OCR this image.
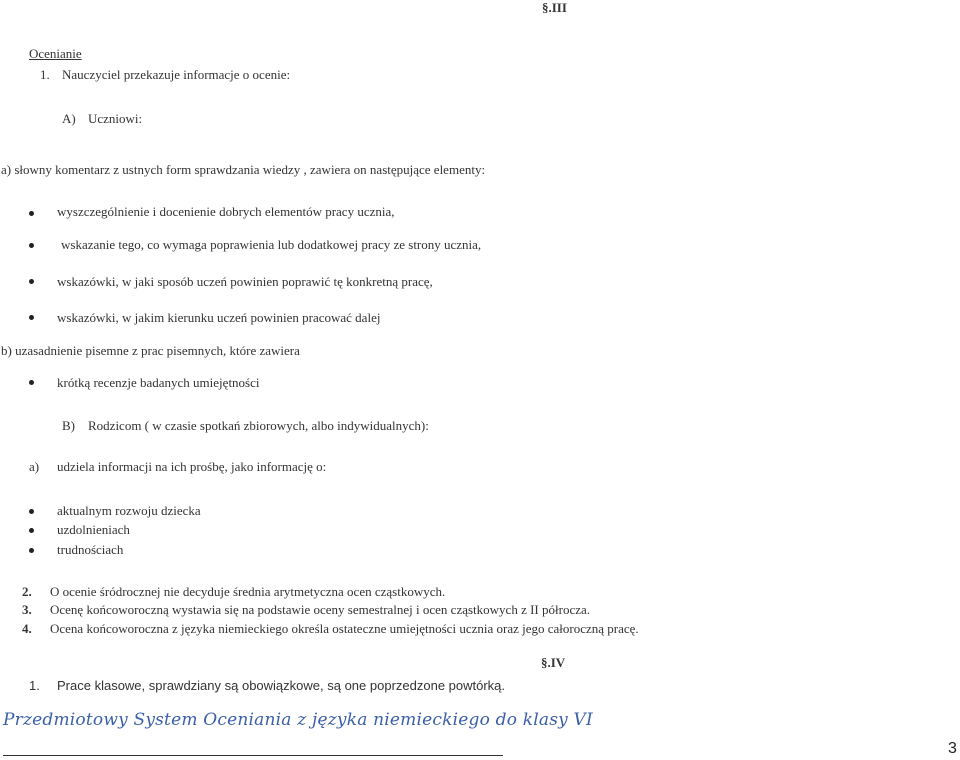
§.III
Ocenianie
1. Nauczyciel przekazuje informacje o ocenie:
A) Uczniowi:
a) słowny komentarz z ustnych form sprawdzania wiedzy , zawiera on następujące elementy:
wyszczególnienie i docenienie dobrych elementów pracy ucznia,
wskazanie tego, co wymaga poprawienia lub dodatkowej pracy ze strony ucznia,
wskazówki, w jaki sposób uczeń powinien poprawić tę konkretną pracę,
wskazówki, w jakim kierunku uczeń powinien pracować dalej
b) uzasadnienie pisemne z prac pisemnych, które zawiera
krótką recenzje badanych umiejętności
B) Rodzicom ( w czasie spotkań zbiorowych, albo indywidualnych):
a) udziela informacji na ich prośbę, jako informację o:
aktualnym rozwoju dziecka
uzdolnieniach
trudnościach
2. O ocenie śródrocznej nie decyduje średnia arytmetyczna ocen cząstkowych.
3. Ocenę końcoworoczną wystawia się na podstawie oceny semestralnej i ocen cząstkowych z II półrocza.
4. Ocena końcoworoczna z języka niemieckiego określa ostateczne umiejętności ucznia oraz jego całoroczną pracę.
§.IV
1. Prace klasowe, sprawdziany są obowiązkowe, są one poprzedzone powtórką.
Przedmiotowy System Oceniania z języka niemieckiego do klasy VI
3
